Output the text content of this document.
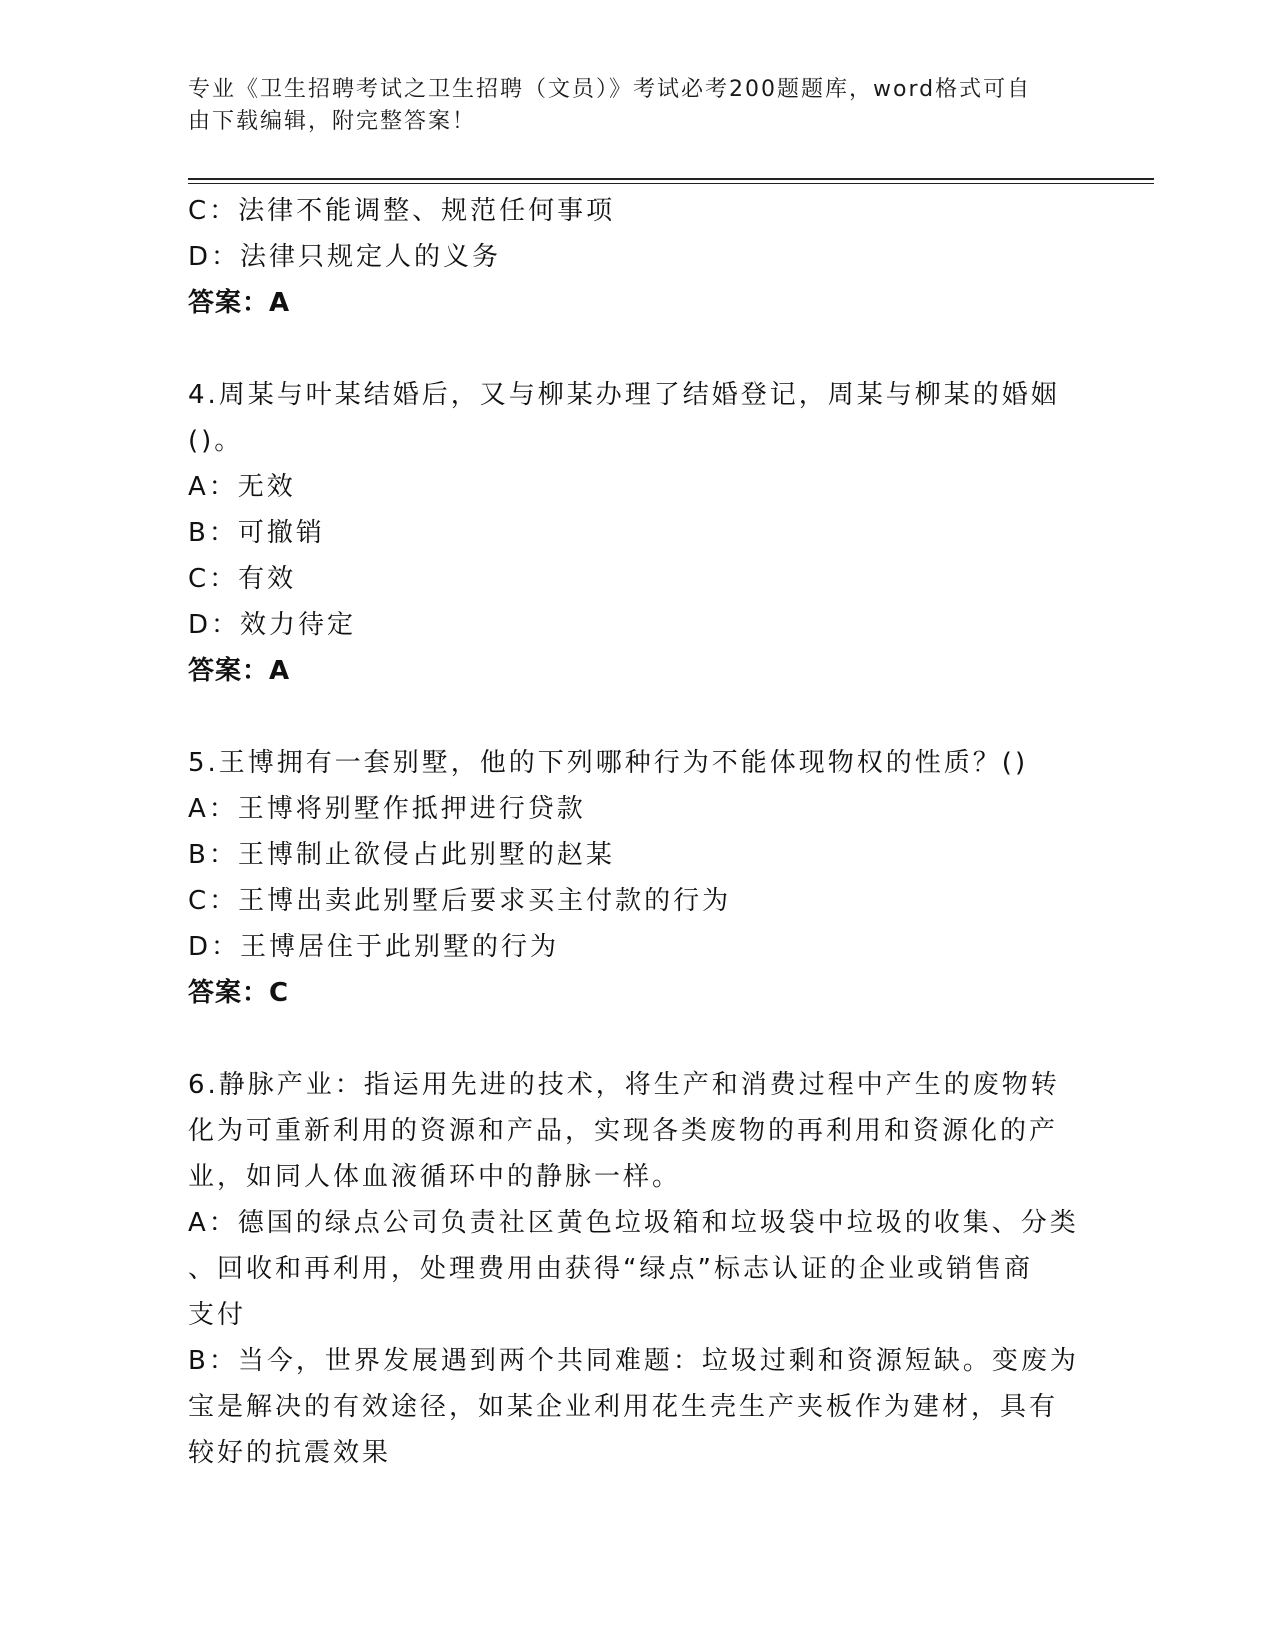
专业《卫生招聘考试之卫生招聘（文员）》考试必考200题题库，word格式可自
由下载编辑，附完整答案！
C：法律不能调整、规范任何事项
D：法律只规定人的义务
答案：A
4.周某与叶某结婚后，又与柳某办理了结婚登记，周某与柳某的婚姻
()。
A：无效
B：可撤销
C：有效
D：效力待定
答案：A
5.王博拥有一套别墅，他的下列哪种行为不能体现物权的性质？()
A：王博将别墅作抵押进行贷款
B：王博制止欲侵占此别墅的赵某
C：王博出卖此别墅后要求买主付款的行为
D：王博居住于此别墅的行为
答案：C
6.静脉产业：指运用先进的技术，将生产和消费过程中产生的废物转
化为可重新利用的资源和产品，实现各类废物的再利用和资源化的产
业，如同人体血液循环中的静脉一样。
A：德国的绿点公司负责社区黄色垃圾箱和垃圾袋中垃圾的收集、分类
、回收和再利用，处理费用由获得“绿点”标志认证的企业或销售商
支付
B：当今，世界发展遇到两个共同难题：垃圾过剩和资源短缺。变废为
宝是解决的有效途径，如某企业利用花生壳生产夹板作为建材，具有
较好的抗震效果
